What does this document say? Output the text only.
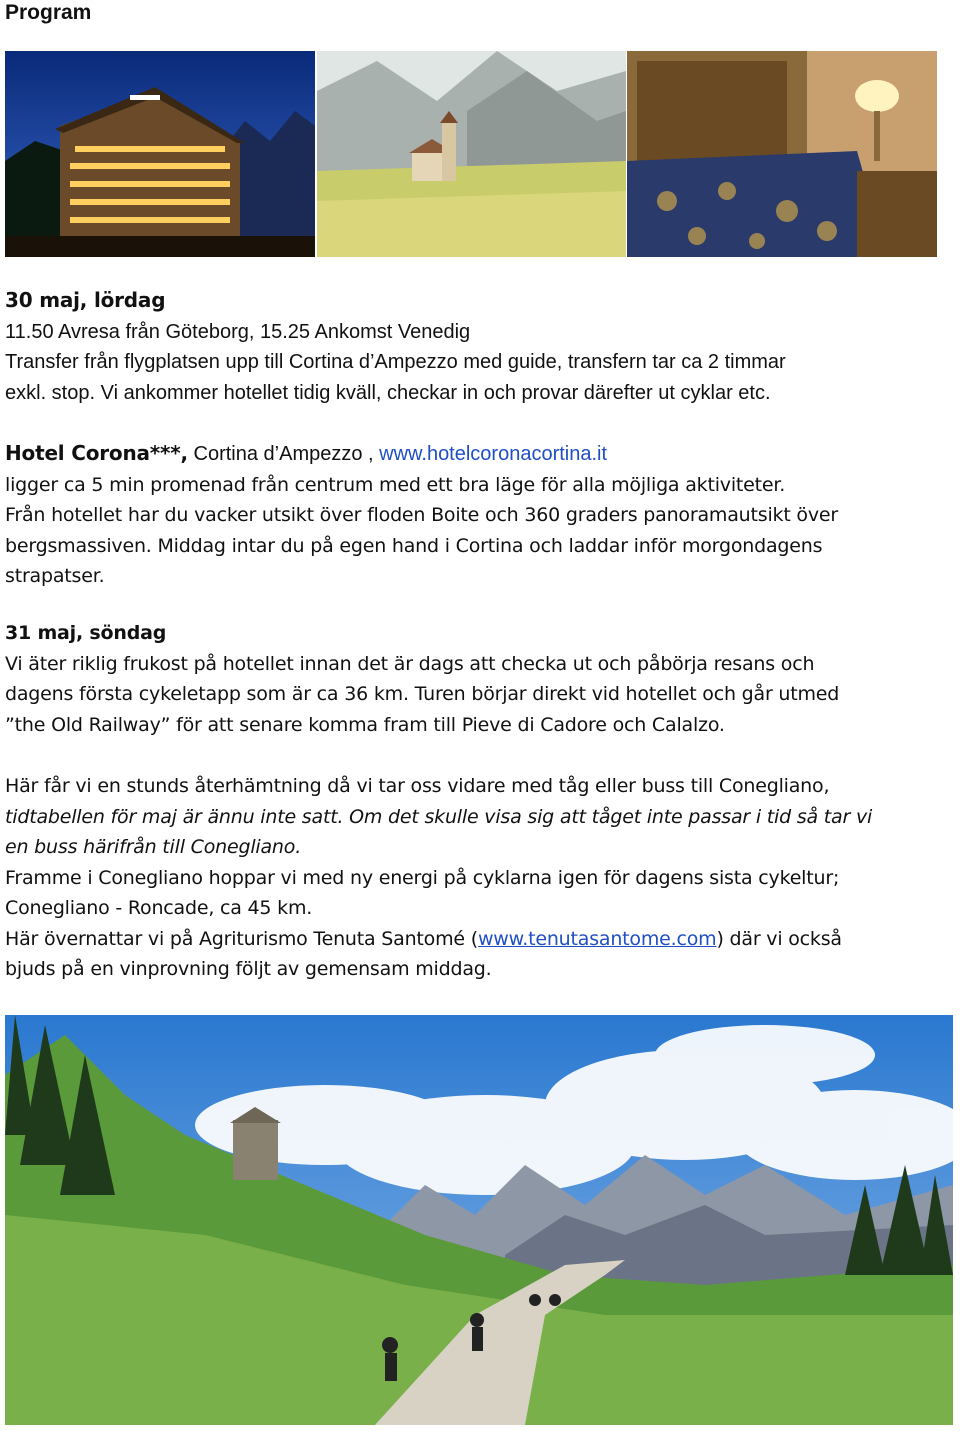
Program

30 maj, lördag

11.50 Avresa från Göteborg, 15.25 Ankomst Venedig

Transfer från flygplatsen upp till Cortina d’Ampezzo med guide, transfern tar ca 2 timmar

exkl. stop. Vi ankommer hotellet tidig kväll, checkar in och provar därefter ut cyklar etc.

Hotel Corona***, Cortina d’Ampezzo , www.hotelcoronacortina.it

ligger ca 5 min promenad från centrum med ett bra läge för alla möjliga aktiviteter.

Från hotellet har du vacker utsikt över floden Boite och 360 graders panoramautsikt över

bergsmassiven. Middag intar du på egen hand i Cortina och laddar inför morgondagens

strapatser.

31 maj, söndag

Vi äter riklig frukost på hotellet innan det är dags att checka ut och påbörja resans och

dagens första cykeletapp som är ca 36 km. Turen börjar direkt vid hotellet och går utmed

”the Old Railway” för att senare komma fram till Pieve di Cadore och Calalzo.

Här får vi en stunds återhämtning då vi tar oss vidare med tåg eller buss till Conegliano,

tidtabellen för maj är ännu inte satt. Om det skulle visa sig att tåget inte passar i tid så tar vi

en buss härifrån till Conegliano.

Framme i Conegliano hoppar vi med ny energi på cyklarna igen för dagens sista cykeltur;

Conegliano - Roncade, ca 45 km.

Här övernattar vi på Agriturismo Tenuta Santomé (www.tenutasantome.com) där vi också

bjuds på en vinprovning följt av gemensam middag.
